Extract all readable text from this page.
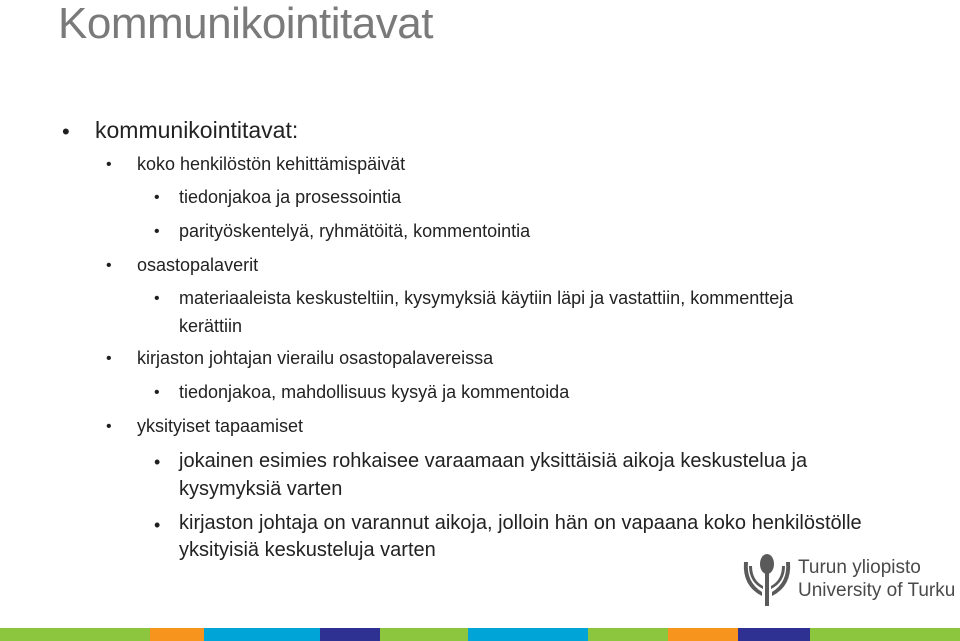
Kommunikointitavat
• kommunikointitavat:
• koko henkilöstön kehittämispäivät
• tiedonjakoa ja prosessointia
• parityöskentelyä, ryhmätöitä, kommentointia
• osastopalaverit
• materiaaleista keskusteltiin, kysymyksiä käytiin läpi ja vastattiin, kommentteja
kerättiin
• kirjaston johtajan vierailu osastopalavereissa
• tiedonjakoa, mahdollisuus kysyä ja kommentoida
• yksityiset tapaamiset
• jokainen esimies rohkaisee varaamaan yksittäisiä aikoja keskustelua ja
kysymyksiä varten
• kirjaston johtaja on varannut aikoja, jolloin hän on vapaana koko henkilöstölle
yksityisiä keskusteluja varten
Turun yliopisto
University of Turku
